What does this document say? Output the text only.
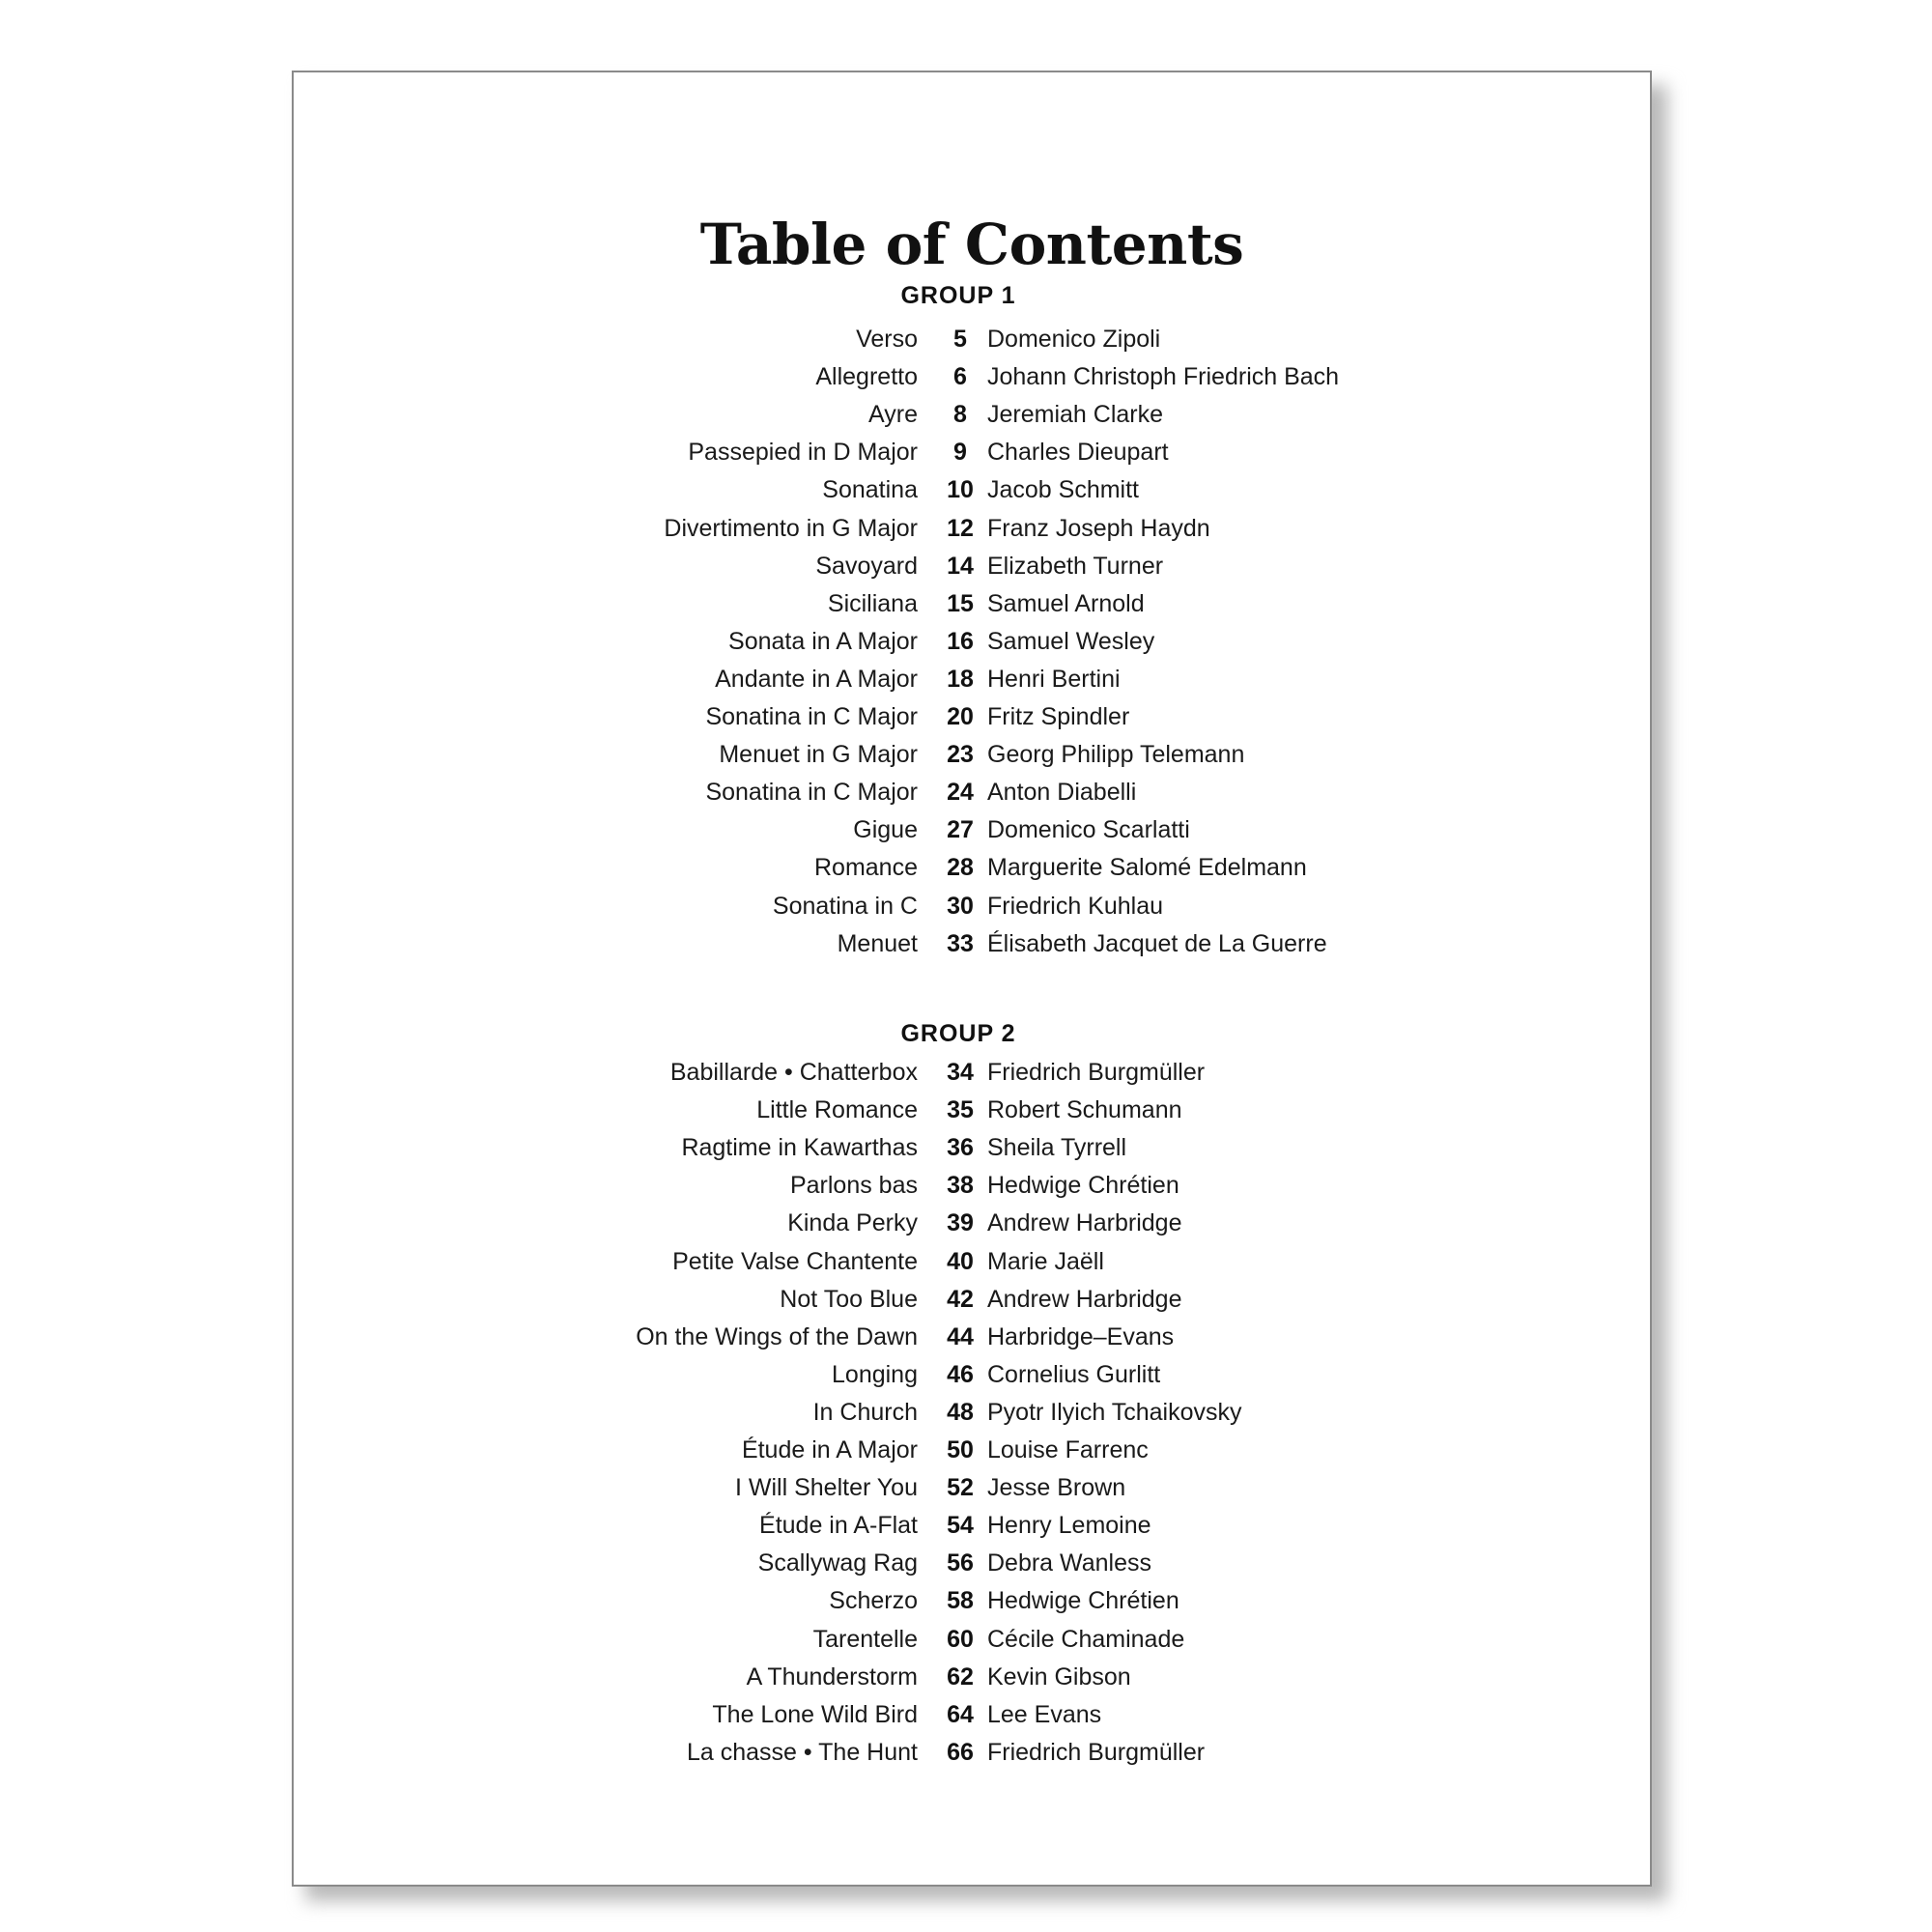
Table of Contents
GROUP 1
Verso	5 Domenico Zipoli
Allegretto	6 Johann Christoph Friedrich Bach
Ayre	8 Jeremiah Clarke
Passepied in D Major	9 Charles Dieupart
Sonatina	10 Jacob Schmitt
Divertimento in G Major	12 Franz Joseph Haydn
Savoyard	14 Elizabeth Turner
Siciliana	15 Samuel Arnold
Sonata in A Major	16 Samuel Wesley
Andante in A Major	18 Henri Bertini
Sonatina in C Major	20 Fritz Spindler
Menuet in G Major	23 Georg Philipp Telemann
Sonatina in C Major	24 Anton Diabelli
Gigue	27 Domenico Scarlatti
Romance	28 Marguerite Salomé Edelmann
Sonatina in C	30 Friedrich Kuhlau
Menuet	33 Élisabeth Jacquet de La Guerre
GROUP 2
Babillarde • Chatterbox	34 Friedrich Burgmüller
Little Romance	35 Robert Schumann
Ragtime in Kawarthas	36 Sheila Tyrrell
Parlons bas	38 Hedwige Chrétien
Kinda Perky	39 Andrew Harbridge
Petite Valse Chantente	40 Marie Jaëll
Not Too Blue	42 Andrew Harbridge
On the Wings of the Dawn	44 Harbridge–Evans
Longing	46 Cornelius Gurlitt
In Church	48 Pyotr Ilyich Tchaikovsky
Étude in A Major	50 Louise Farrenc
I Will Shelter You	52 Jesse Brown
Étude in A-Flat	54 Henry Lemoine
Scallywag Rag	56 Debra Wanless
Scherzo	58 Hedwige Chrétien
Tarentelle	60 Cécile Chaminade
A Thunderstorm	62 Kevin Gibson
The Lone Wild Bird	64 Lee Evans
La chasse • The Hunt	66 Friedrich Burgmüller
